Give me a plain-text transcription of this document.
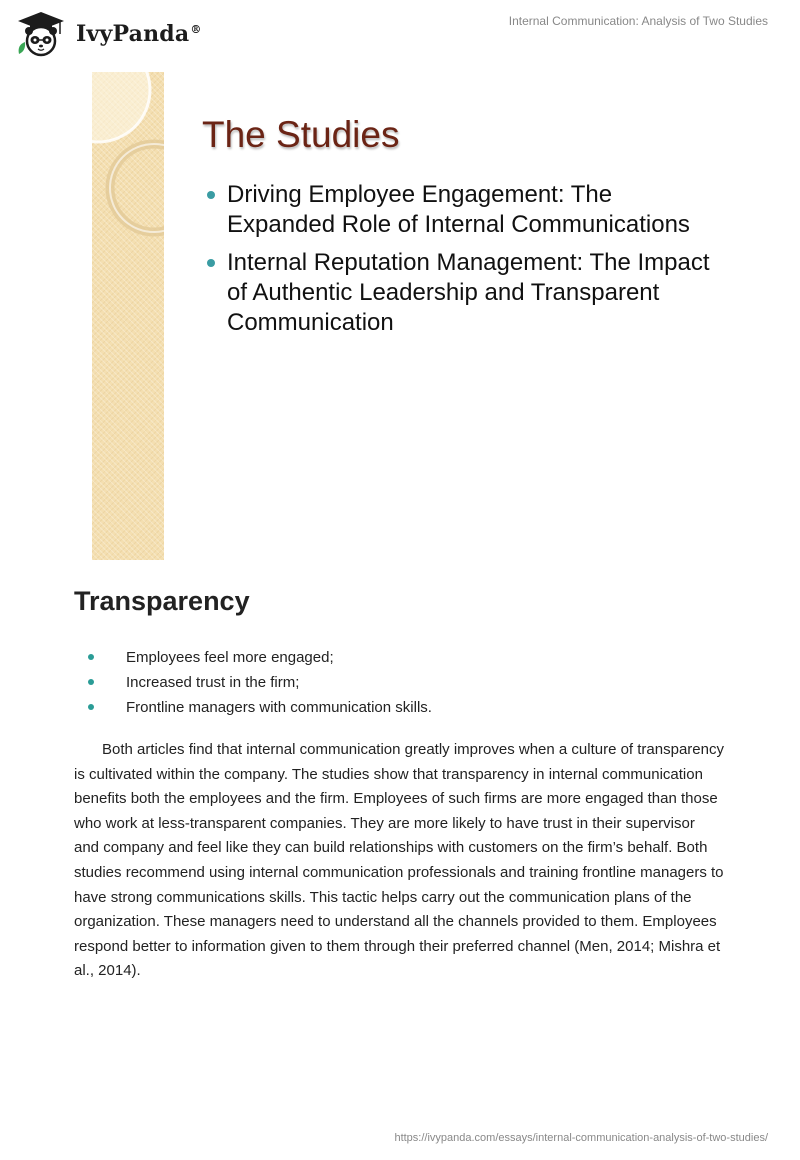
IvyPanda®
Internal Communication: Analysis of Two Studies
The Studies
Driving Employee Engagement: The Expanded Role of Internal Communications
Internal Reputation Management: The Impact of Authentic Leadership and Transparent Communication
Transparency
Employees feel more engaged;
Increased trust in the firm;
Frontline managers with communication skills.

Both articles find that internal communication greatly improves when a culture of transparency is cultivated within the company. The studies show that transparency in internal communication benefits both the employees and the firm. Employees of such firms are more engaged than those who work at less-transparent companies. They are more likely to have trust in their supervisor and company and feel like they can build relationships with customers on the firm’s behalf. Both studies recommend using internal communication professionals and training frontline managers to have strong communications skills. This tactic helps carry out the communication plans of the organization. These managers need to understand all the channels provided to them. Employees respond better to information given to them through their preferred channel (Men, 2014; Mishra et al., 2014).

https://ivypanda.com/essays/internal-communication-analysis-of-two-studies/
